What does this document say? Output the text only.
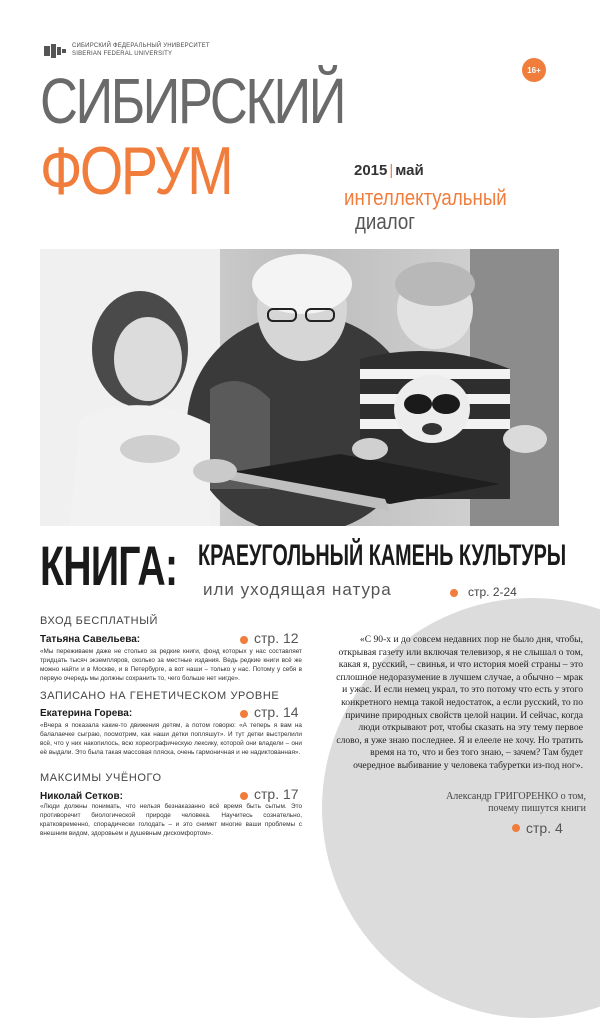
СИБИРСКИЙ ФЕДЕРАЛЬНЫЙ УНИВЕРСИТЕТ
SIBERIAN FEDERAL UNIVERSITY
16+
СИБИРСКИЙ
ФОРУМ	2015 | май
интеллектуальный
диалог
КНИГА: КРАЕУГОЛЬНЫЙ КАМЕНЬ КУЛЬТУРЫ
или уходящая натура	стр. 2-24
«С 90-х и до совсем недавних пор не было дня, чтобы, открывая газету или включая телевизор, я не слышал о том, какая я, русский, – свинья, и что история моей страны – это сплошное недоразумение в лучшем случае, а обычно – мрак и ужас. И если немец украл, то это потому что есть у этого конкретного немца такой недостаток, а если русский, то по причине природных свойств целой нации. И сейчас, когда люди открывают рот, чтобы сказать на эту тему первое слово, я уже знаю последнее. Я и елееле не хочу. Но тратить время на то, что и без того знаю, – зачем? Там будет очередное выбивание у человека табуретки из-под ног».
Александр ГРИГОРЕНКО о том,
почему пишутся книги
стр. 4
ВХОД БЕСПЛАТНЫЙ
Татьяна Савельева:	стр. 12
«Мы переживаем даже не столько за редкие книги, фонд которых у нас составляет тридцать тысяч экземпляров, сколько за местные издания. Ведь редкие книги всё же можно найти и в Москве, и в Петербурге, а вот наши – только у нас. Потому у себя в первую очередь мы должны сохранить то, чего больше нет нигде».
ЗАПИСАНО НА ГЕНЕТИЧЕСКОМ УРОВНЕ
Екатерина Горева:	стр. 14
«Вчера я показала какие-то движения детям, а потом говорю: «А теперь я вам на балалаечке сыграю, посмотрим, как наши детки попляшут». И тут детки выстрелили всё, что у них накопилось, всю хореографическую лексику, которой они владели – они её выдали. Это была такая массовая пляска, очень гармоничная и не надиктованная».
МАКСИМЫ УЧЁНОГО
Николай Сетков:	стр. 17
«Люди должны понимать, что нельзя безнаказанно всё время быть сытым. Это противоречит биологической природе человека. Научитесь сознательно, кратковременно, спорадически голодать – и это снимет многие ваши проблемы с внешним видом, здоровьем и душевным дискомфортом».
